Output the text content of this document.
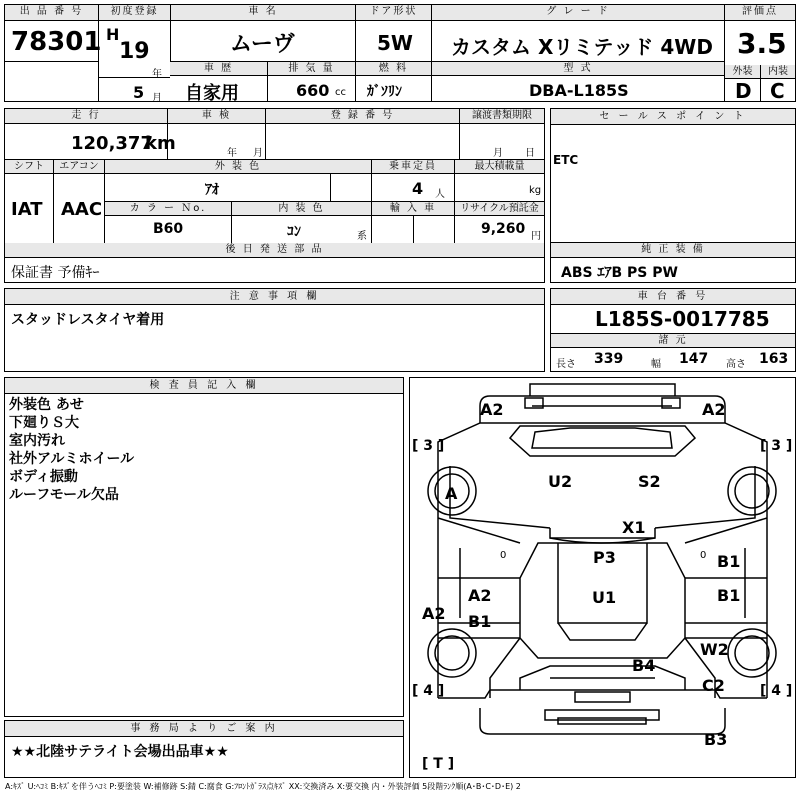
出 品 番 号
78301
初度登録
H
19
年
5 月
車 名
ムーヴ
ドア形状
5W
グ レ ー ド
カスタム Xリミテッド 4WD
評価点
3.5
外装	内装
D C
車 歴
自家用
排 気 量
660 cc
燃 料
ｶﾞｿﾘﾝ
型 式
DBA-L185S
走 行
120,377
km
車 検
年 月
登 録 番 号	譲渡書類期限
月 日
シフト	エアコン
IAT AAC
外 装 色
ｱｵ
乗車定員
4 人
最大積載量
kg
カ ラ ー Ｎo.
B60
内 装 色
ｺﾝ	系
輸 入 車	リサイクル預託金
9,260 円
後 日 発 送 部 品
保証書 予備ｷｰ
セ ー ル ス ポ イ ン ト
ETC
純 正 装 備
ABS ｴｱB PS PW
注 意 事 項 欄
スタッドレスタイヤ着用
車 台 番 号
L185S-0017785
諸 元
長さ 339	幅 147 高さ 163
検 査 員 記 入 欄
外装色 あせ
下廻りＳ大
室内汚れ
社外アルミホイール
ボディ振動
ルーフモール欠品
事 務 局 よ り ご 案 内
★★北陸サテライト会場出品車★★
[ 3 ]	[ 3 ]
[ 4 ]	[ 4 ]
[ T ]
0	0
A2	A2
U2	S2
A
X1
P3	B1
U1	B1
A2
B1
A2
W2
B4
C2
B3
A:ｷｽﾞ U:ﾍｺﾐ B:ｷｽﾞを伴うﾍｺﾐ P:要塗装 W:補修跡 S:錆 C:腐食 G:ﾌﾛﾝﾄｶﾞﾗｽ点ｷｽﾞ XX:交換済み X:要交換 内・外装評価 5段階ﾗﾝｸ順(A･B･C･D･E) 2
